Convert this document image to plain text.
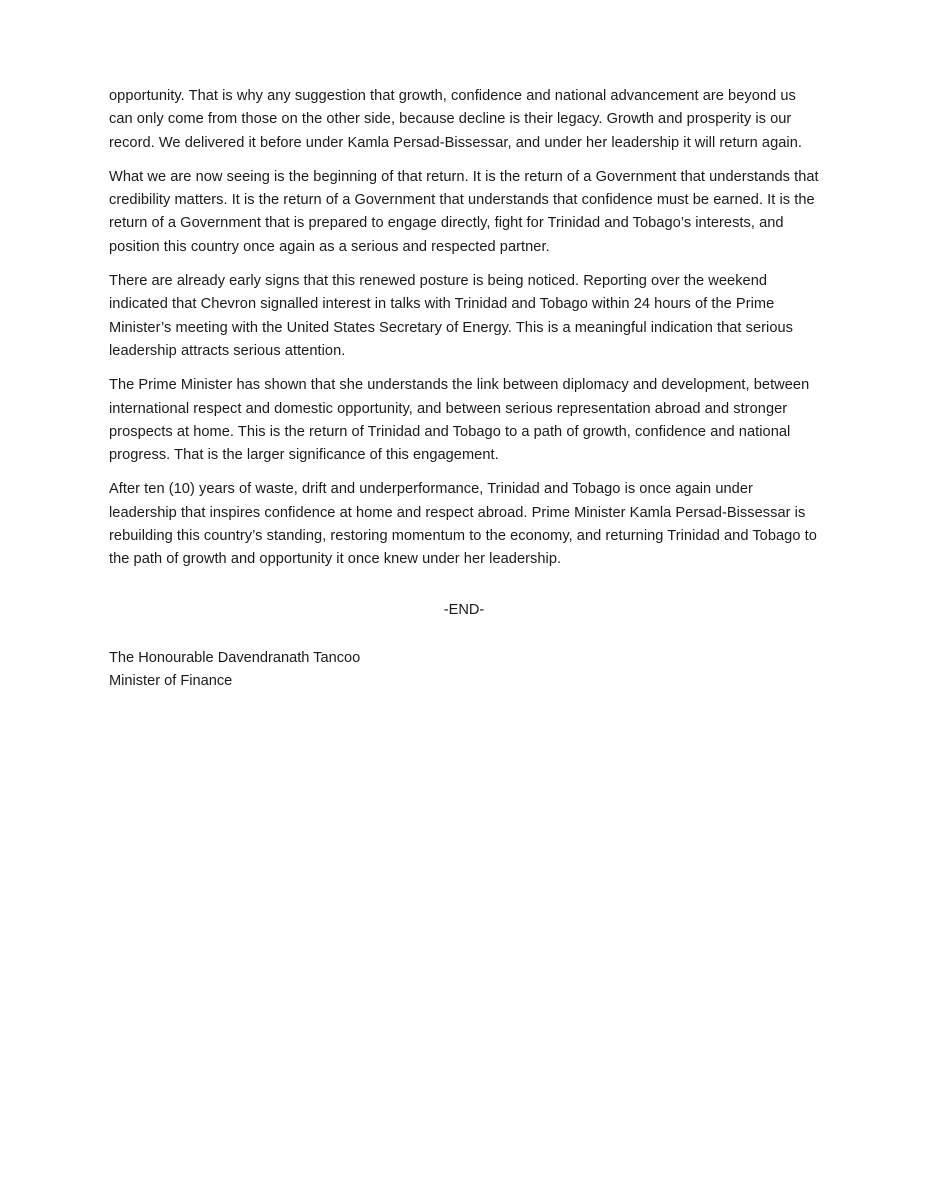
opportunity. That is why any suggestion that growth, confidence and national advancement are beyond us can only come from those on the other side, because decline is their legacy. Growth and prosperity is our record. We delivered it before under Kamla Persad-Bissessar, and under her leadership it will return again.

What we are now seeing is the beginning of that return. It is the return of a Government that understands that credibility matters. It is the return of a Government that understands that confidence must be earned. It is the return of a Government that is prepared to engage directly, fight for Trinidad and Tobago’s interests, and position this country once again as a serious and respected partner.

There are already early signs that this renewed posture is being noticed. Reporting over the weekend indicated that Chevron signalled interest in talks with Trinidad and Tobago within 24 hours of the Prime Minister’s meeting with the United States Secretary of Energy. This is a meaningful indication that serious leadership attracts serious attention.

The Prime Minister has shown that she understands the link between diplomacy and development, between international respect and domestic opportunity, and between serious representation abroad and stronger prospects at home. This is the return of Trinidad and Tobago to a path of growth, confidence and national progress. That is the larger significance of this engagement.

After ten (10) years of waste, drift and underperformance, Trinidad and Tobago is once again under leadership that inspires confidence at home and respect abroad. Prime Minister Kamla Persad-Bissessar is rebuilding this country’s standing, restoring momentum to the economy, and returning Trinidad and Tobago to the path of growth and opportunity it once knew under her leadership.

-END-
The Honourable Davendranath Tancoo
Minister of Finance
